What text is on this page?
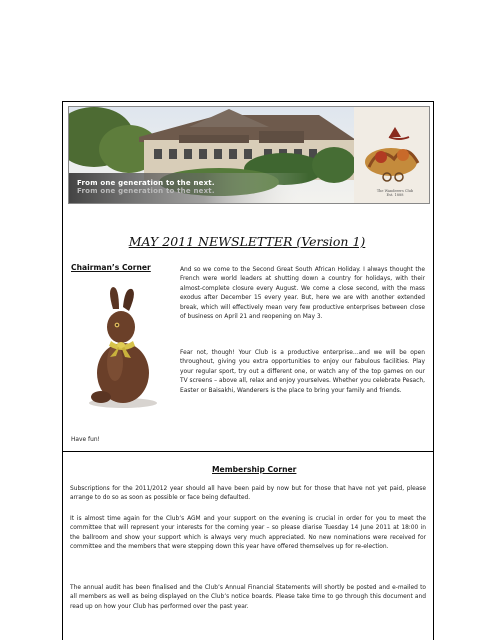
From one generation to the next.
From one generation to the next.	The Wanderers Club
Est. 1888
MAY 2011 NEWSLETTER (Version 1)
Chairman’s Corner	And so we come to the Second Great South African Holiday. I always thought the French were world leaders at shutting down a country for holidays, with their almost-complete closure every August. We come a close second, with the mass exodus after December 15 every year. But, here we are with another extended break, which will effectively mean very few productive enterprises between close of business on April 21 and reopening on May 3.

Fear not, though! Your Club is a productive enterprise…and we will be open throughout, giving you extra opportunities to enjoy our fabulous facilities. Play your regular sport, try out a different one, or watch any of the top games on our TV screens – above all, relax and enjoy yourselves. Whether you celebrate Pesach, Easter or Baisakhi, Wanderers is the place to bring your family and friends.

Have fun!
Membership Corner

Subscriptions for the 2011/2012 year should all have been paid by now but for those that have not yet paid, please arrange to do so as soon as possible or face being defaulted.

It is almost time again for the Club’s AGM and your support on the evening is crucial in order for you to meet the committee that will represent your interests for the coming year – so please diarise Tuesday 14 June 2011 at 18:00 in the ballroom and show your support which is always very much appreciated. No new nominations were received for committee and the members that were stepping down this year have offered themselves up for re-election.

The annual audit has been finalised and the Club’s Annual Financial Statements will shortly be posted and e-mailed to all members as well as being displayed on the Club’s notice boards. Please take time to go through this document and read up on how your Club has performed over the past year.
